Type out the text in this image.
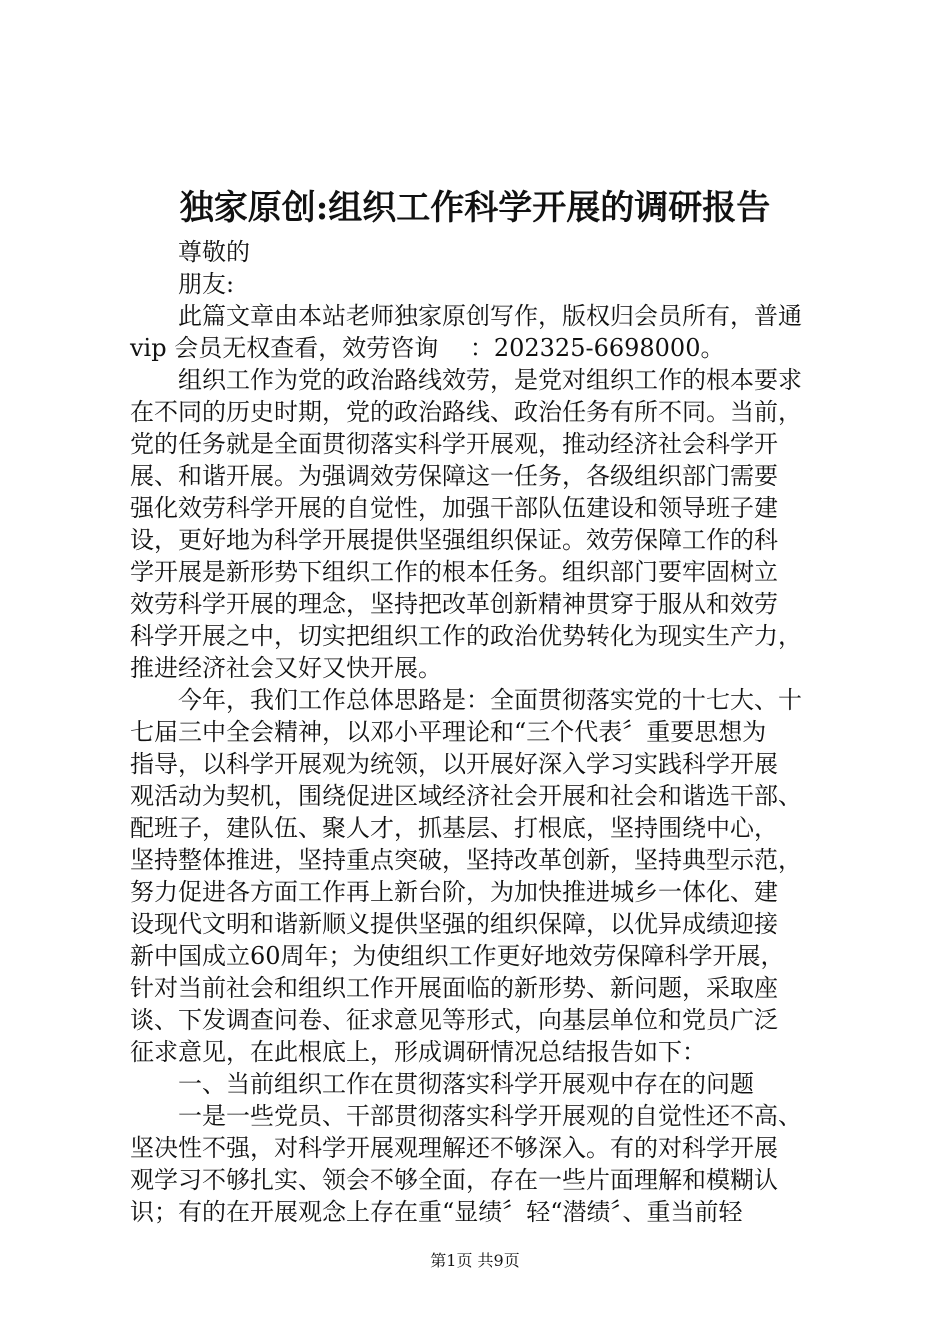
独家原创:组织工作科学开展的调研报告
尊敬的
朋友:
此篇文章由本站老师独家原创写作，版权归会员所有，普通
vip 会员无权查看，效劳咨询　 ：202325-6698000。
组织工作为党的政治路线效劳，是党对组织工作的根本要求
在不同的历史时期，党的政治路线、政治任务有所不同。当前，
党的任务就是全面贯彻落实科学开展观，推动经济社会科学开
展、和谐开展。为强调效劳保障这一任务，各级组织部门需要
强化效劳科学开展的自觉性，加强干部队伍建设和领导班子建
设，更好地为科学开展提供坚强组织保证。效劳保障工作的科
学开展是新形势下组织工作的根本任务。组织部门要牢固树立
效劳科学开展的理念，坚持把改革创新精神贯穿于服从和效劳
科学开展之中，切实把组织工作的政治优势转化为现实生产力，
推进经济社会又好又快开展。
今年，我们工作总体思路是：全面贯彻落实党的十七大、十
七届三中全会精神，以邓小平理论和“三个代表〞重要思想为
指导，以科学开展观为统领，以开展好深入学习实践科学开展
观活动为契机，围绕促进区域经济社会开展和社会和谐选干部、
配班子，建队伍、聚人才，抓基层、打根底，坚持围绕中心，
坚持整体推进，坚持重点突破，坚持改革创新，坚持典型示范，
努力促进各方面工作再上新台阶，为加快推进城乡一体化、建
设现代文明和谐新顺义提供坚强的组织保障，以优异成绩迎接
新中国成立60周年；为使组织工作更好地效劳保障科学开展，
针对当前社会和组织工作开展面临的新形势、新问题，采取座
谈、下发调查问卷、征求意见等形式，向基层单位和党员广泛
征求意见，在此根底上，形成调研情况总结报告如下：
一、当前组织工作在贯彻落实科学开展观中存在的问题
一是一些党员、干部贯彻落实科学开展观的自觉性还不高、
坚决性不强，对科学开展观理解还不够深入。有的对科学开展
观学习不够扎实、领会不够全面，存在一些片面理解和模糊认
识；有的在开展观念上存在重“显绩〞轻“潜绩〞、重当前轻
第1页 共9页
